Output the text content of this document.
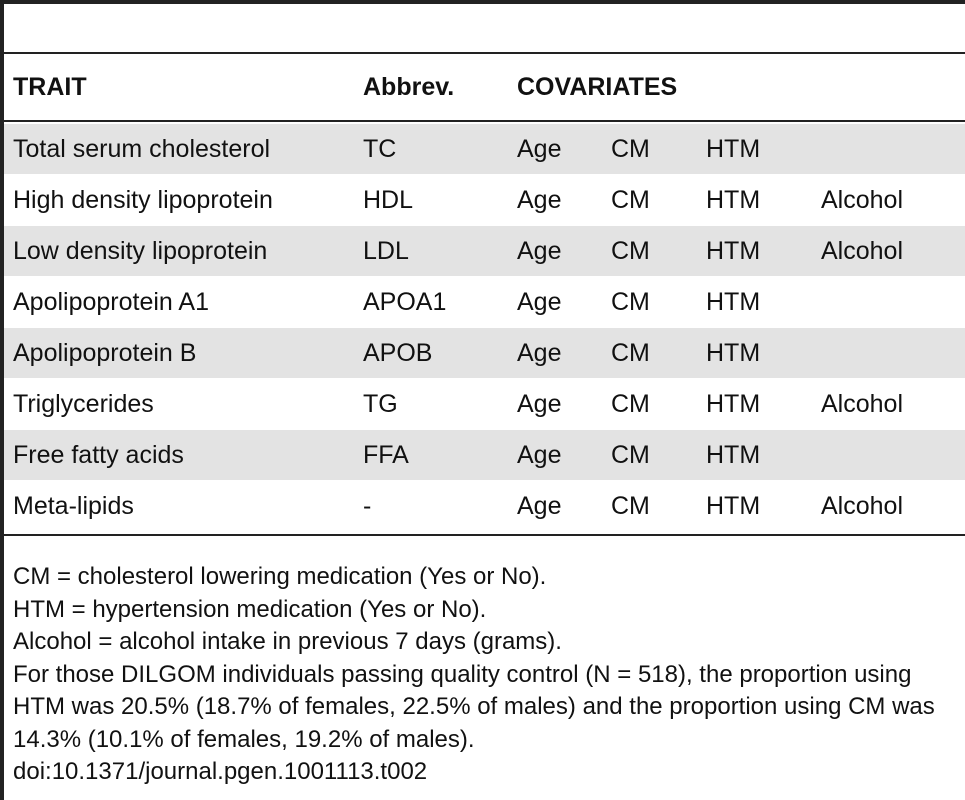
TRAIT	Abbrev.	COVARIATES
Total serum cholesterol	TC	Age CM HTM
High density lipoprotein	HDL	Age CM HTM Alcohol
Low density lipoprotein	LDL	Age CM HTM Alcohol
Apolipoprotein A1	APOA1	Age CM HTM
Apolipoprotein B	APOB	Age CM HTM
Triglycerides	TG	Age CM HTM Alcohol
Free fatty acids	FFA	Age CM HTM
Meta-lipids	-	Age CM HTM Alcohol
CM = cholesterol lowering medication (Yes or No).
HTM = hypertension medication (Yes or No).
Alcohol = alcohol intake in previous 7 days (grams).
For those DILGOM individuals passing quality control (N = 518), the proportion using HTM was 20.5% (18.7% of females, 22.5% of males) and the proportion using CM was 14.3% (10.1% of females, 19.2% of males).
doi:10.1371/journal.pgen.1001113.t002
